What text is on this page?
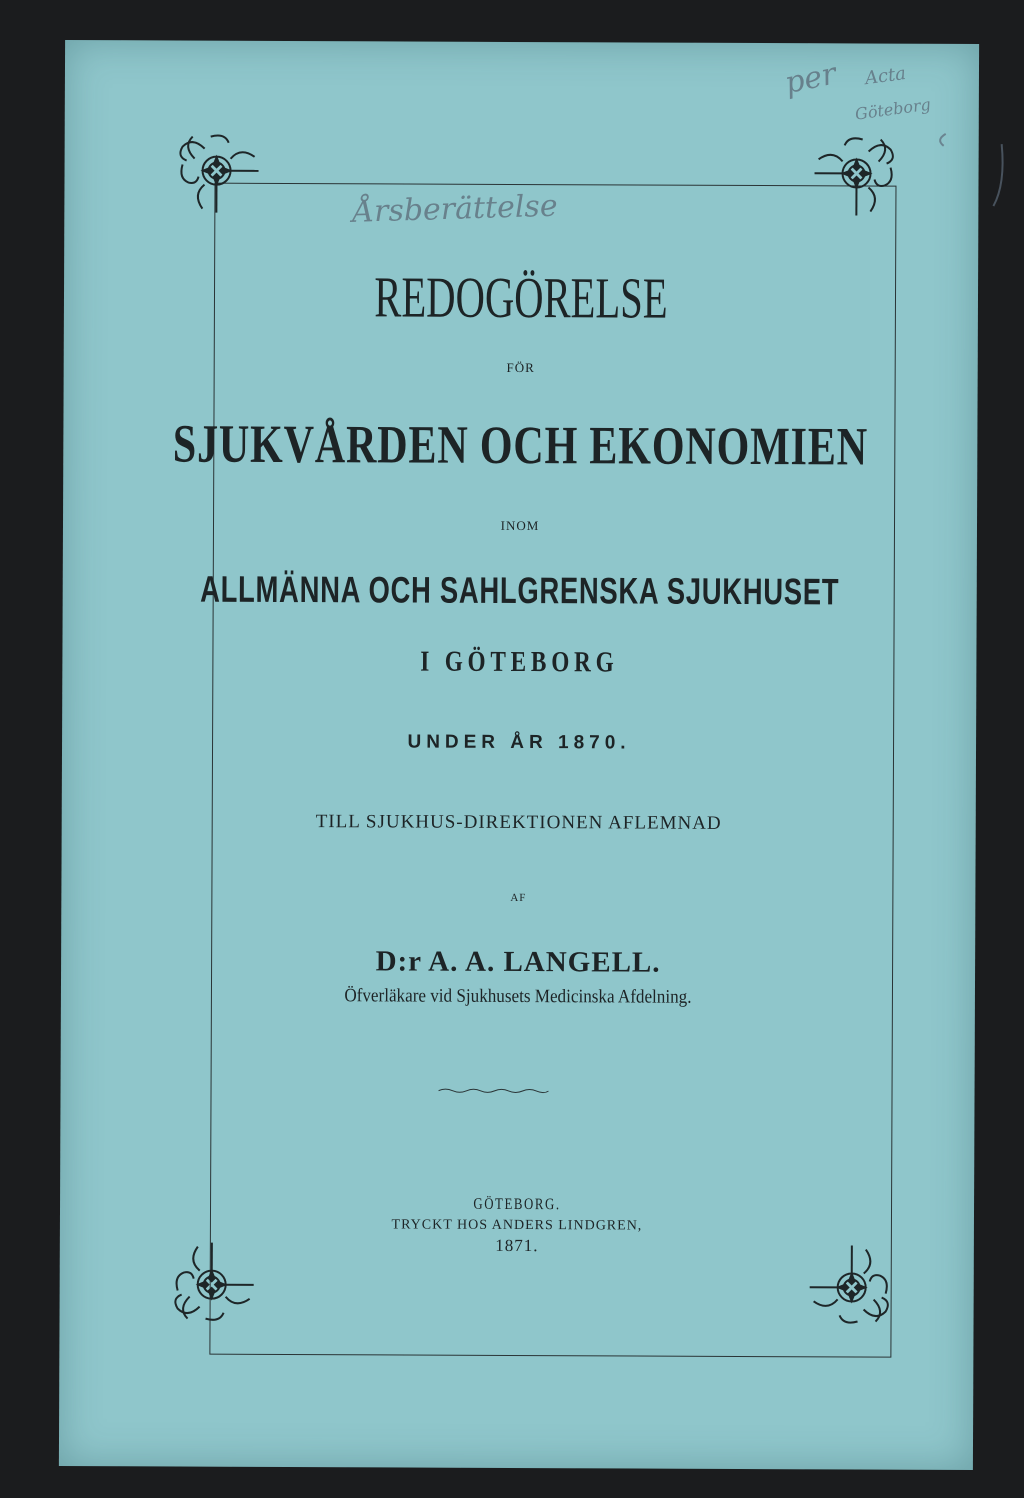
Årsberättelse
per Acta
Göteborg
REDOGÖRELSE
FÖR
SJUKVÅRDEN OCH EKONOMIEN
INOM
ALLMÄNNA OCH SAHLGRENSKA SJUKHUSET
I GÖTEBORG
UNDER ÅR 1870.
TILL SJUKHUS-DIREKTIONEN AFLEMNAD
AF
D:r A. A. LANGELL.
Öfverläkare vid Sjukhusets Medicinska Afdelning.
GÖTEBORG.
TRYCKT HOS ANDERS LINDGREN,
1871.
